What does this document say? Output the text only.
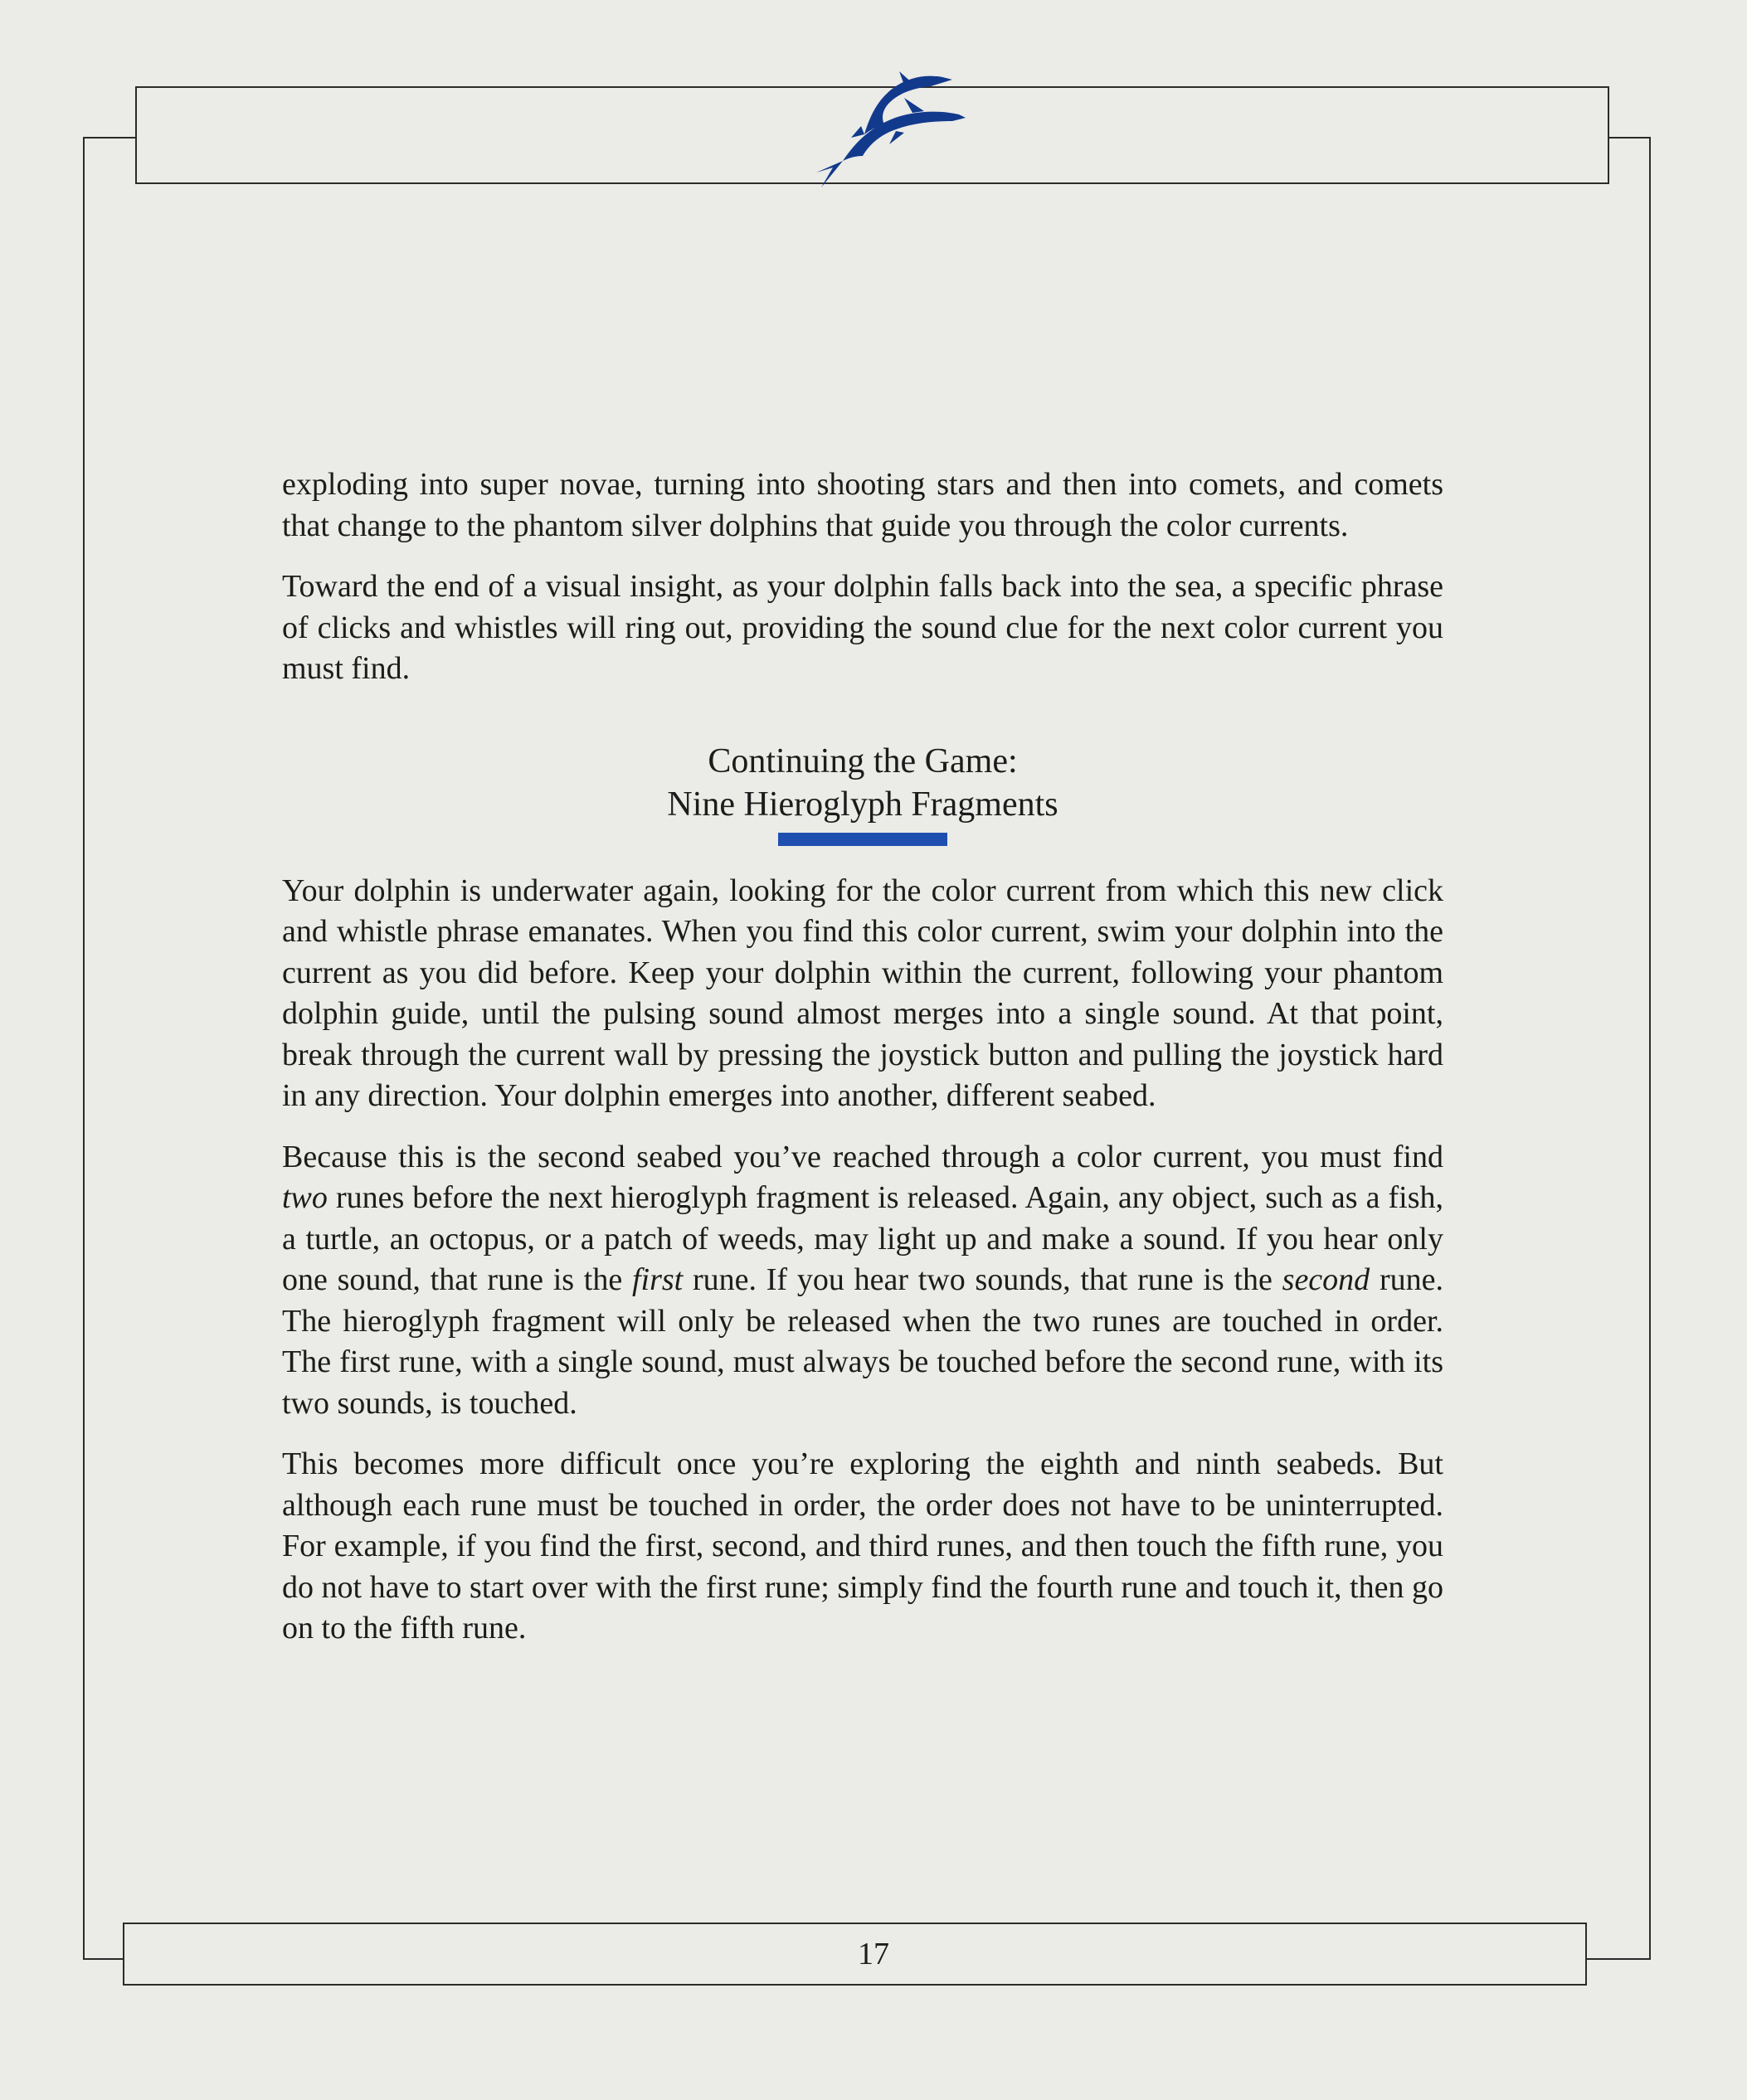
exploding into super novae, turning into shooting stars and then into comets, and comets that change to the phantom silver dolphins that guide you through the color currents.

Toward the end of a visual insight, as your dolphin falls back into the sea, a specific phrase of clicks and whistles will ring out, providing the sound clue for the next color current you must find.

Continuing the Game:
Nine Hieroglyph Fragments

Your dolphin is underwater again, looking for the color current from which this new click and whistle phrase emanates. When you find this color current, swim your dolphin into the current as you did before. Keep your dolphin within the current, following your phantom dolphin guide, until the pulsing sound almost merges into a single sound. At that point, break through the current wall by pressing the joystick button and pulling the joystick hard in any direction. Your dolphin emerges into another, different seabed.

Because this is the second seabed you’ve reached through a color current, you must find two runes before the next hieroglyph fragment is released. Again, any object, such as a fish, a turtle, an octopus, or a patch of weeds, may light up and make a sound. If you hear only one sound, that rune is the first rune. If you hear two sounds, that rune is the second rune. The hieroglyph fragment will only be released when the two runes are touched in order. The first rune, with a single sound, must always be touched before the second rune, with its two sounds, is touched.

This becomes more difficult once you’re exploring the eighth and ninth seabeds. But although each rune must be touched in order, the order does not have to be uninterrupted. For example, if you find the first, second, and third runes, and then touch the fifth rune, you do not have to start over with the first rune; simply find the fourth rune and touch it, then go on to the fifth rune.

17
